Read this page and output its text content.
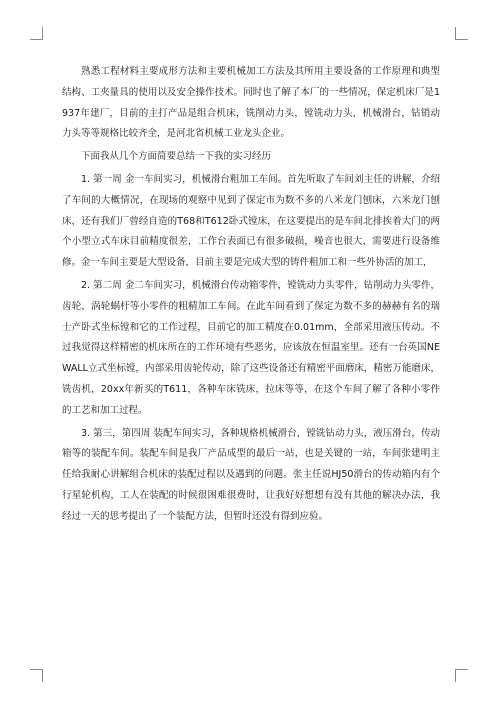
熟悉工程材料主要成形方法和主要机械加工方法及其所用主要设备的工作原理和典型结构、工夹量具的使用以及安全操作技术。同时也了解了本厂的一些情况，保定机床厂是1937年建厂，目前的主打产品是组合机床，铣削动力头，镗铣动力头，机械滑台，钻销动力头等等规格比较齐全，是河北省机械工业龙头企业。

下面我从几个方面简要总结一下我的实习经历

1. 第一周 金一车间实习，机械滑台粗加工车间。首先听取了车间刘主任的讲解，介绍了车间的大概情况，在现场的观察中见到了保定市为数不多的八米龙门刨床，六米龙门刨床，还有我们厂曾经自造的T68和T612卧式镗床，在这要提出的是车间北排挨着大门的两个小型立式车床目前精度很差，工作台表面已有很多破损，噪音也很大，需要进行设备维修。金一车间主要是大型设备，目前主要是完成大型的铸件粗加工和一些外协活的加工，

2. 第二周 金二车间实习，机械滑台传动箱零件，镗铣动力头零件，钻削动力头零件，齿轮，涡轮蜗杆等小零件的粗精加工车间。在此车间看到了保定为数不多的赫赫有名的瑞士产卧式坐标镗和它的工作过程，目前它的加工精度在0.01mm，全部采用液压传动。不过我觉得这样精密的机床所在的工作环境有些恶劣，应该放在恒温室里。还有一台英国NEWALL立式坐标镗，内部采用齿轮传动，除了这些设备还有精密平面磨床，精密万能磨床，铣齿机，20xx年新买的T611，各种车床铣床，拉床等等，在这个车间了解了各种小零件的工艺和加工过程。

3. 第三，第四周 装配车间实习，各种规格机械滑台，镗铣钻动力头，液压滑台，传动箱等的装配车间。装配车间是我厂产品成型的最后一站，也是关键的一站，车间张建明主任给我耐心讲解组合机床的装配过程以及遇到的问题。张主任说HJ50滑台的传动箱内有个行星轮机构，工人在装配的时候很困难很费时，让我好好想想有没有其他的解决办法，我经过一天的思考提出了一个装配方法，但暂时还没有得到应验。
